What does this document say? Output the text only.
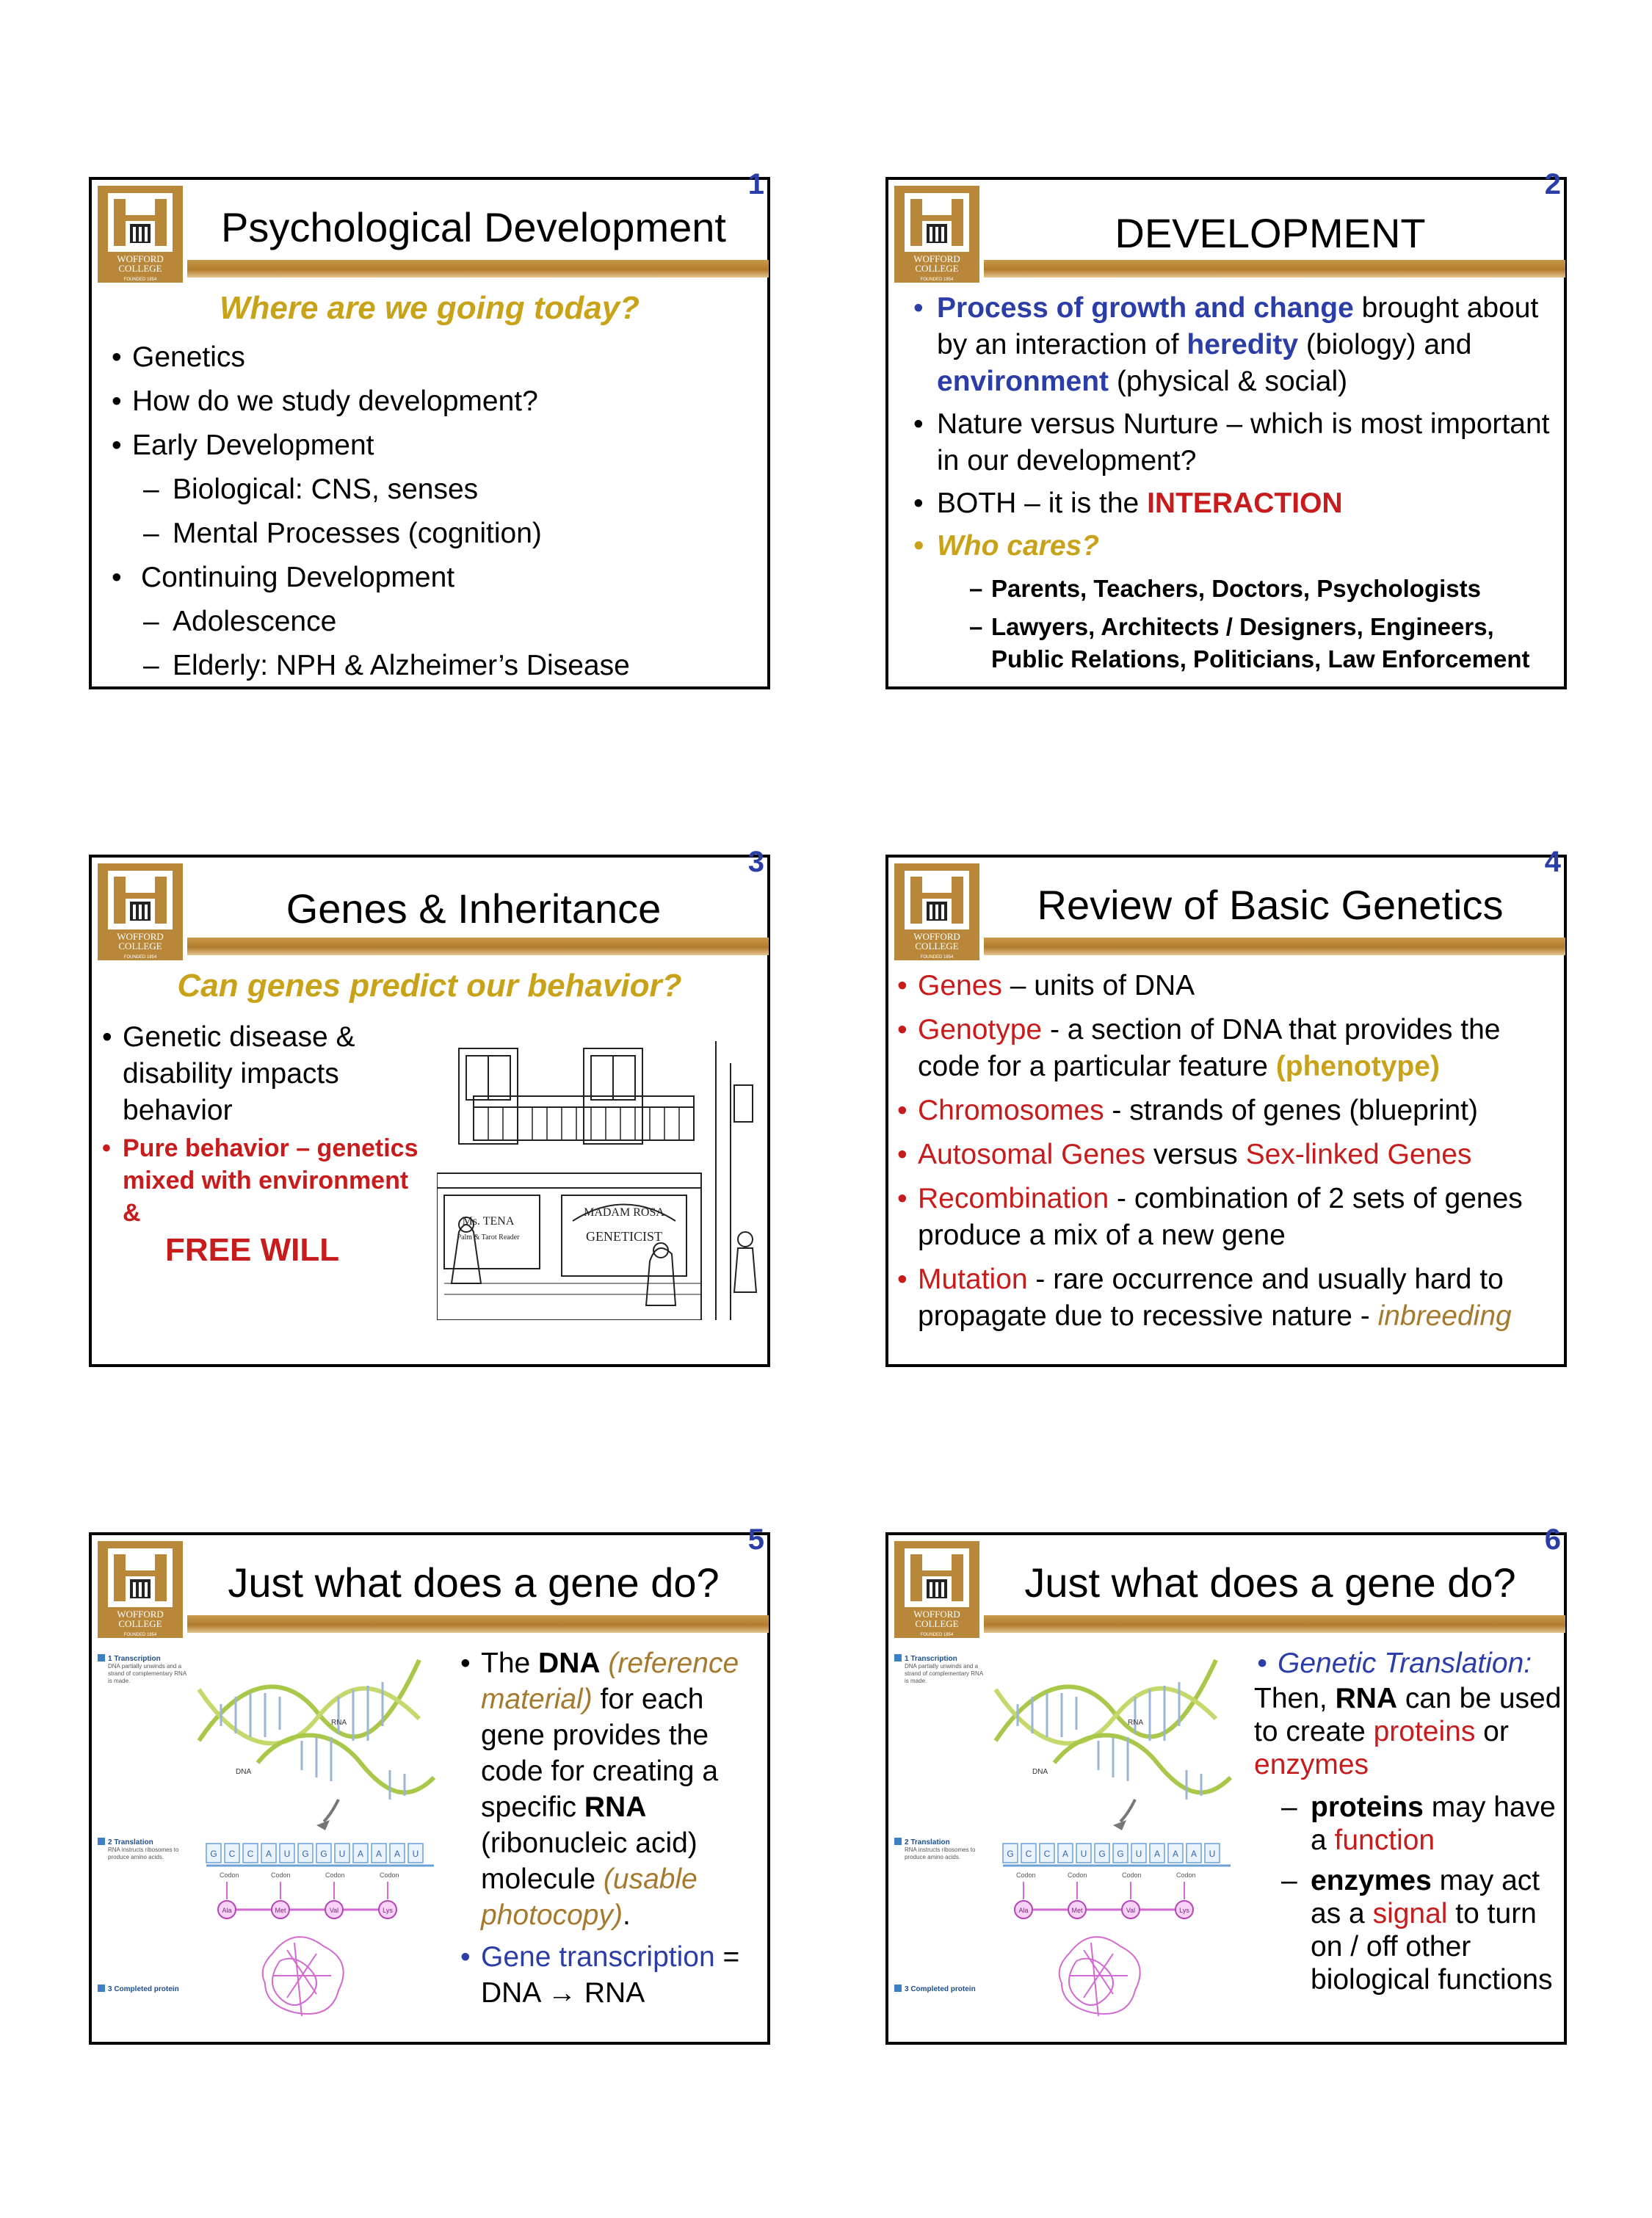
WOFFORD
COLLEGE
FOUNDED 1854
1
Psychological Development
Where are we going today?
• Genetics
• How do we study development?
• Early Development
– Biological: CNS, senses
– Mental Processes (cognition)
• Continuing Development
– Adolescence
– Elderly: NPH & Alzheimer’s Disease
WOFFORD
COLLEGE
FOUNDED 1854
2
DEVELOPMENT
• Process of growth and change brought about by an interaction of heredity (biology) and environment (physical & social)
• Nature versus Nurture – which is most important in our development?
• BOTH – it is the INTERACTION
• Who cares?
– Parents, Teachers, Doctors, Psychologists
– Lawyers, Architects / Designers, Engineers, Public Relations, Politicians, Law Enforcement
WOFFORD
COLLEGE
FOUNDED 1854
3
Genes & Inheritance
Can genes predict our behavior?
• Genetic disease & disability impacts behavior
• Pure behavior – genetics mixed with environment &
FREE WILL
Ms. TENA
Palm & Tarot Reader
MADAM ROSA
GENETICIST
WOFFORD
COLLEGE
FOUNDED 1854
4
Review of Basic Genetics
• Genes – units of DNA
• Genotype - a section of DNA that provides the code for a particular feature (phenotype)
• Chromosomes - strands of genes (blueprint)
• Autosomal Genes versus Sex-linked Genes
• Recombination - combination of 2 sets of genes produce a mix of a new gene
• Mutation - rare occurrence and usually hard to propagate due to recessive nature - inbreeding
WOFFORD
COLLEGE
FOUNDED 1854
5
Just what does a gene do?
1 Transcription
DNA partially unwinds and a strand of complementary RNA is made.
2 Translation
RNA instructs ribosomes to produce amino acids.
3 Completed protein
DNA
RNA
G C C A U G G U A A A U
Codon	Codon	Codon	Codon
Ala	Met	Val	Lys
• The DNA (reference material) for each gene provides the code for creating a specific RNA (ribonucleic acid) molecule (usable photocopy).
• Gene transcription = DNA → RNA
WOFFORD
COLLEGE
FOUNDED 1854
6
Just what does a gene do?
1 Transcription
DNA partially unwinds and a strand of complementary RNA is made.
2 Translation
RNA instructs ribosomes to produce amino acids.
3 Completed protein
DNA
RNA
G C C A U G G U A A A U
Codon	Codon	Codon	Codon
Ala	Met	Val	Lys
• Genetic Translation:
Then, RNA can be used to create proteins or enzymes
– proteins may have a function
– enzymes may act as a signal to turn on / off other biological functions
